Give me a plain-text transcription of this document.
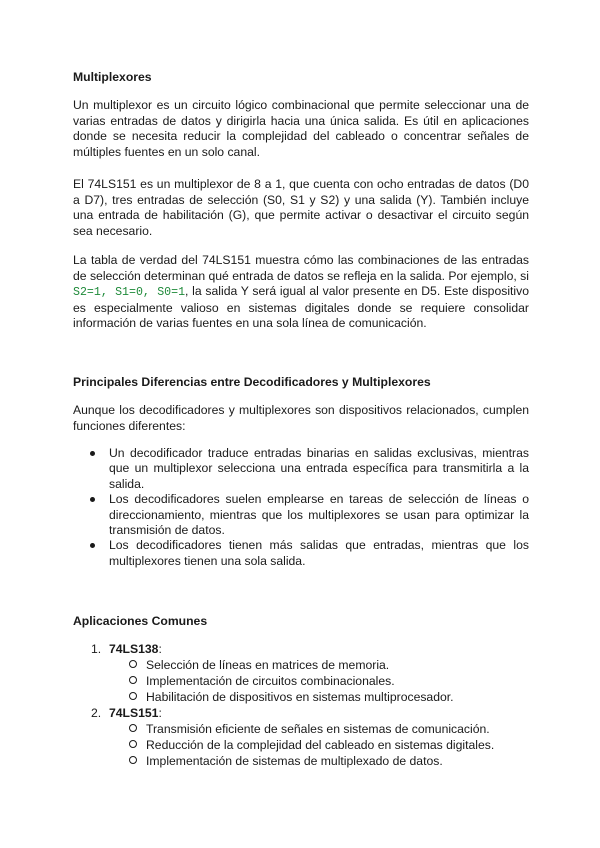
Multiplexores
Un multiplexor es un circuito lógico combinacional que permite seleccionar una de varias entradas de datos y dirigirla hacia una única salida. Es útil en aplicaciones donde se necesita reducir la complejidad del cableado o concentrar señales de múltiples fuentes en un solo canal.
El 74LS151 es un multiplexor de 8 a 1, que cuenta con ocho entradas de datos (D0 a D7), tres entradas de selección (S0, S1 y S2) y una salida (Y). También incluye una entrada de habilitación (G), que permite activar o desactivar el circuito según sea necesario.
La tabla de verdad del 74LS151 muestra cómo las combinaciones de las entradas de selección determinan qué entrada de datos se refleja en la salida. Por ejemplo, si S2=1, S1=0, S0=1, la salida Y será igual al valor presente en D5. Este dispositivo es especialmente valioso en sistemas digitales donde se requiere consolidar información de varias fuentes en una sola línea de comunicación.
Principales Diferencias entre Decodificadores y Multiplexores
Aunque los decodificadores y multiplexores son dispositivos relacionados, cumplen funciones diferentes:
Un decodificador traduce entradas binarias en salidas exclusivas, mientras que un multiplexor selecciona una entrada específica para transmitirla a la salida.
Los decodificadores suelen emplearse en tareas de selección de líneas o direccionamiento, mientras que los multiplexores se usan para optimizar la transmisión de datos.
Los decodificadores tienen más salidas que entradas, mientras que los multiplexores tienen una sola salida.
Aplicaciones Comunes
1. 74LS138:
Selección de líneas en matrices de memoria.
Implementación de circuitos combinacionales.
Habilitación de dispositivos en sistemas multiprocesador.
2. 74LS151:
Transmisión eficiente de señales en sistemas de comunicación.
Reducción de la complejidad del cableado en sistemas digitales.
Implementación de sistemas de multiplexado de datos.
